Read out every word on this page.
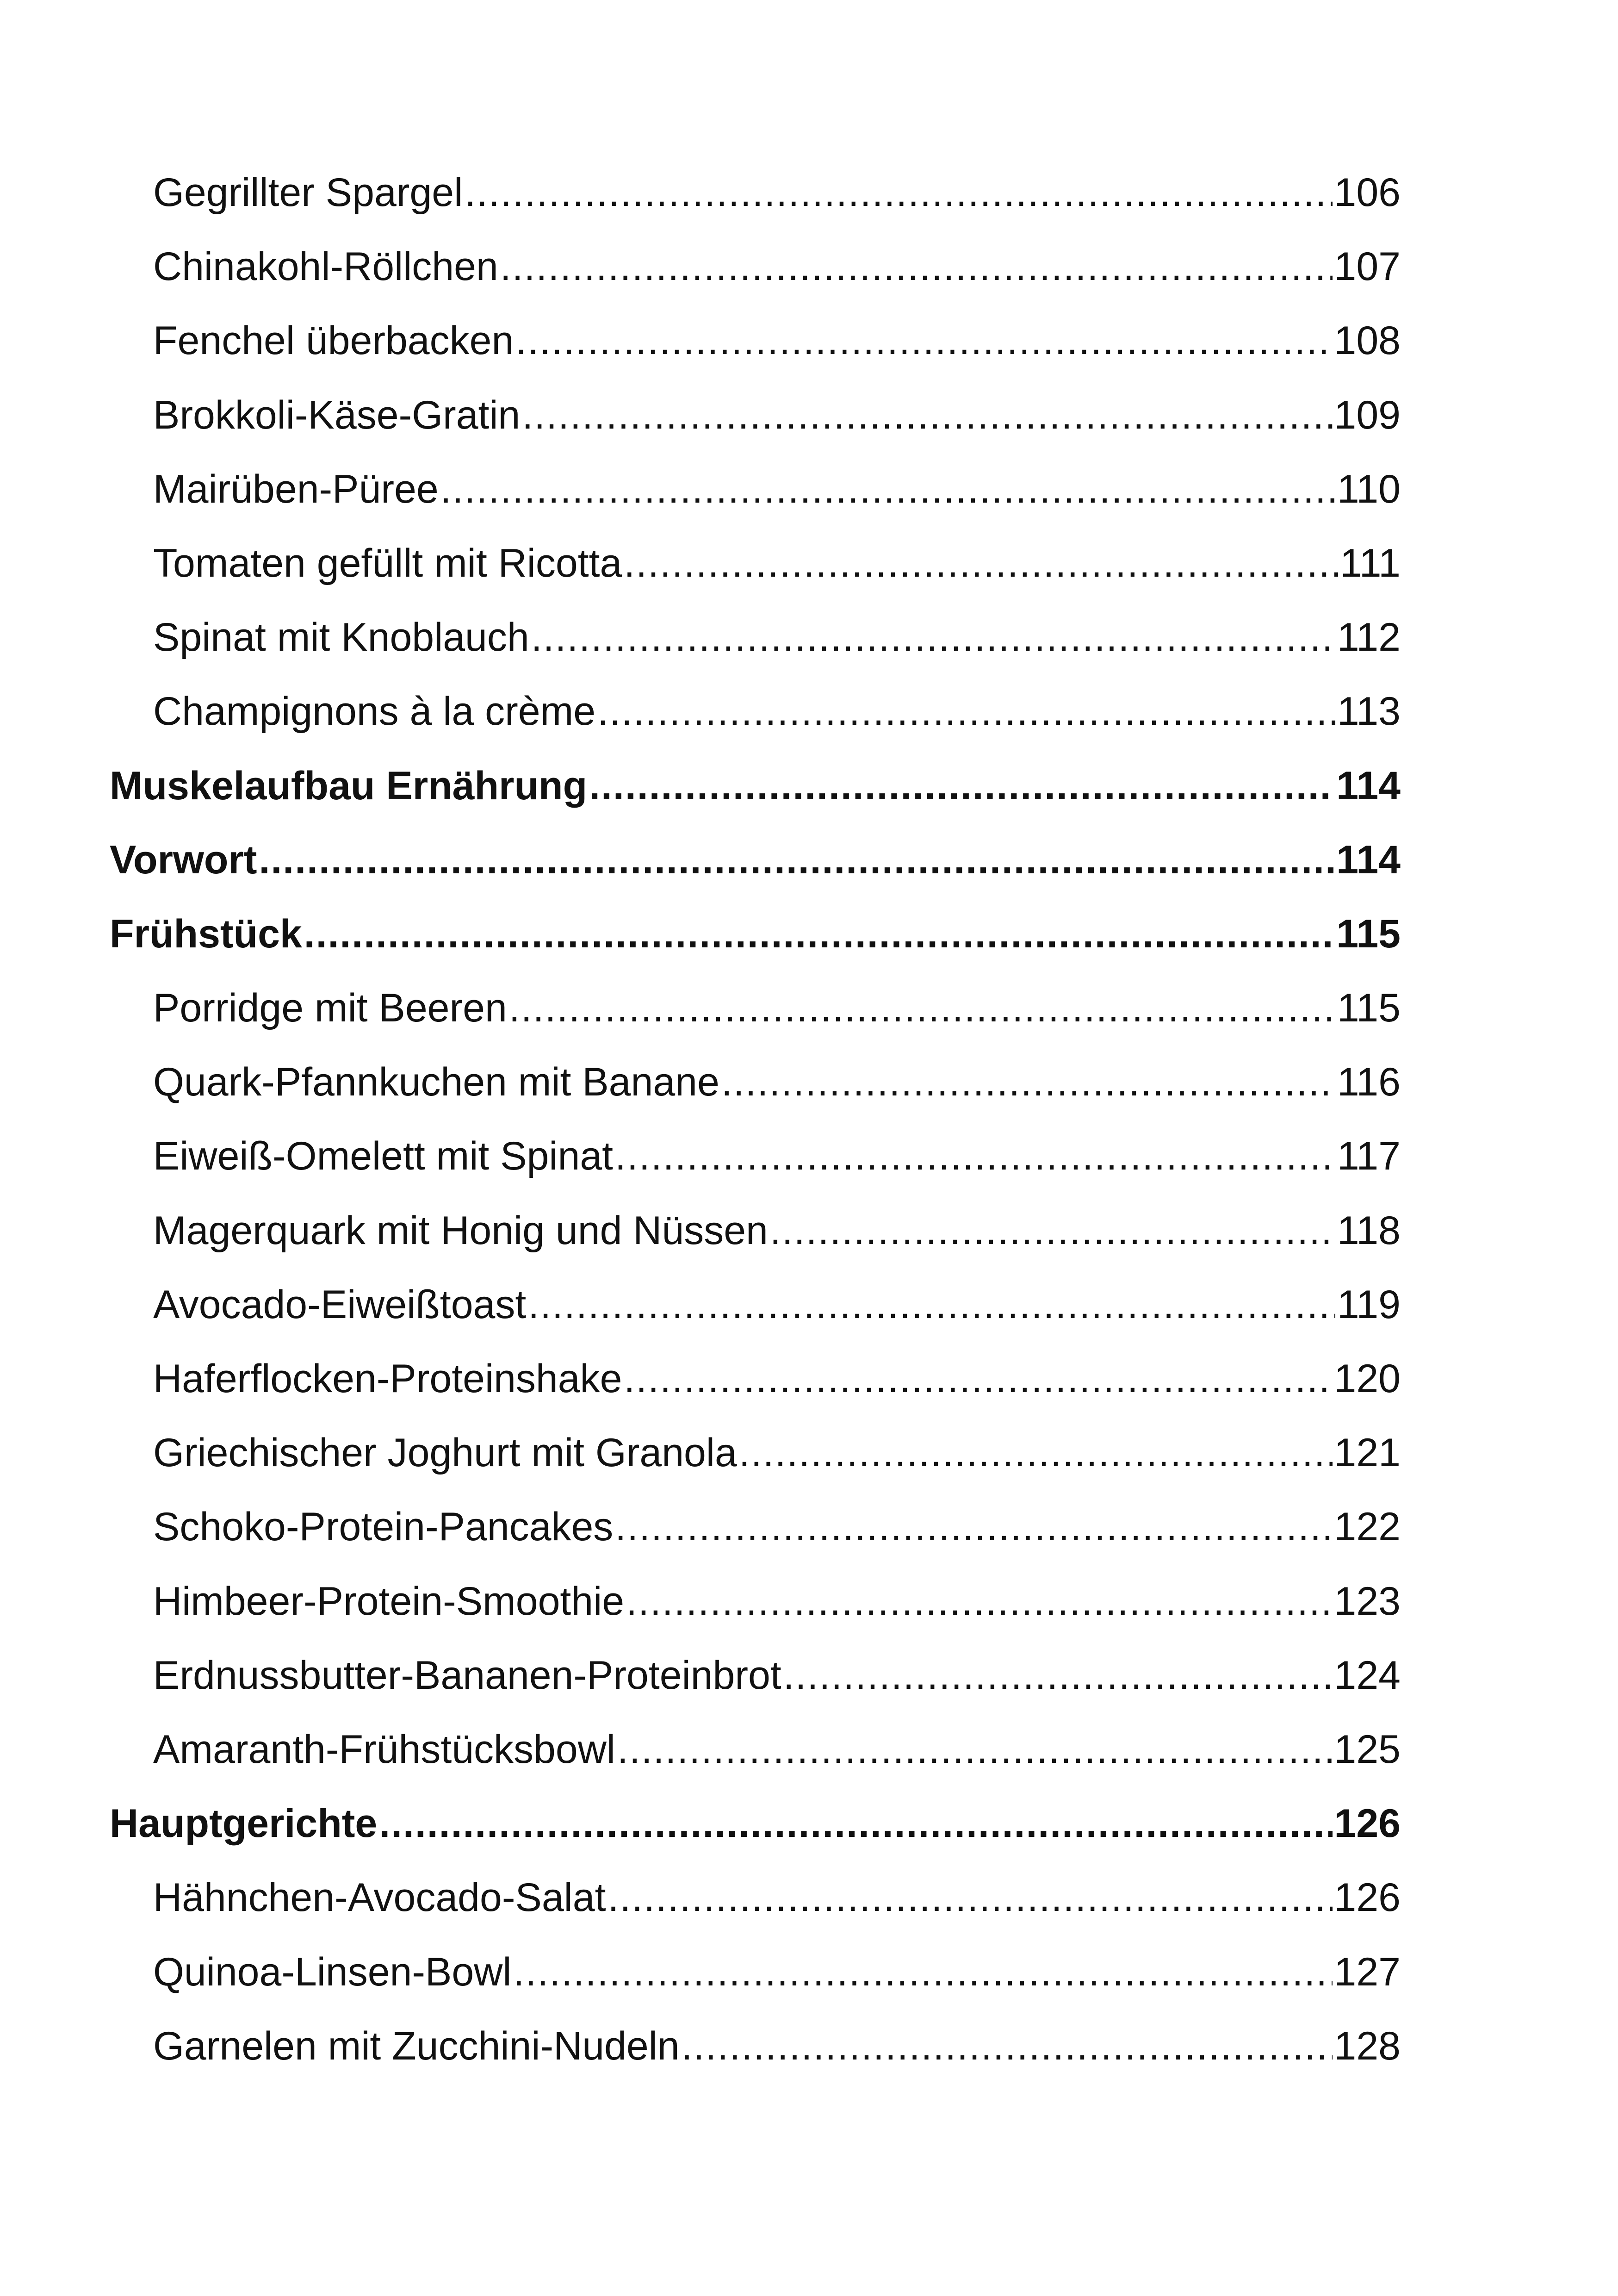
Gegrillter Spargel .....	106
Chinakohl-Röllchen .....	107
Fenchel überbacken .....	108
Brokkoli-Käse-Gratin .....	109
Mairüben-Püree .....	110
Tomaten gefüllt mit Ricotta .....	111
Spinat mit Knoblauch .....	112
Champignons à la crème .....	113
Muskelaufbau Ernährung .....	114
Vorwort .....	114
Frühstück .....	115
Porridge mit Beeren .....	115
Quark-Pfannkuchen mit Banane .....	116
Eiweiß-Omelett mit Spinat .....	117
Magerquark mit Honig und Nüssen .....	118
Avocado-Eiweißtoast .....	119
Haferflocken-Proteinshake .....	120
Griechischer Joghurt mit Granola .....	121
Schoko-Protein-Pancakes .....	122
Himbeer-Protein-Smoothie .....	123
Erdnussbutter-Bananen-Proteinbrot .....	124
Amaranth-Frühstücksbowl .....	125
Hauptgerichte .....	126
Hähnchen-Avocado-Salat .....	126
Quinoa-Linsen-Bowl .....	127
Garnelen mit Zucchini-Nudeln .....	128
